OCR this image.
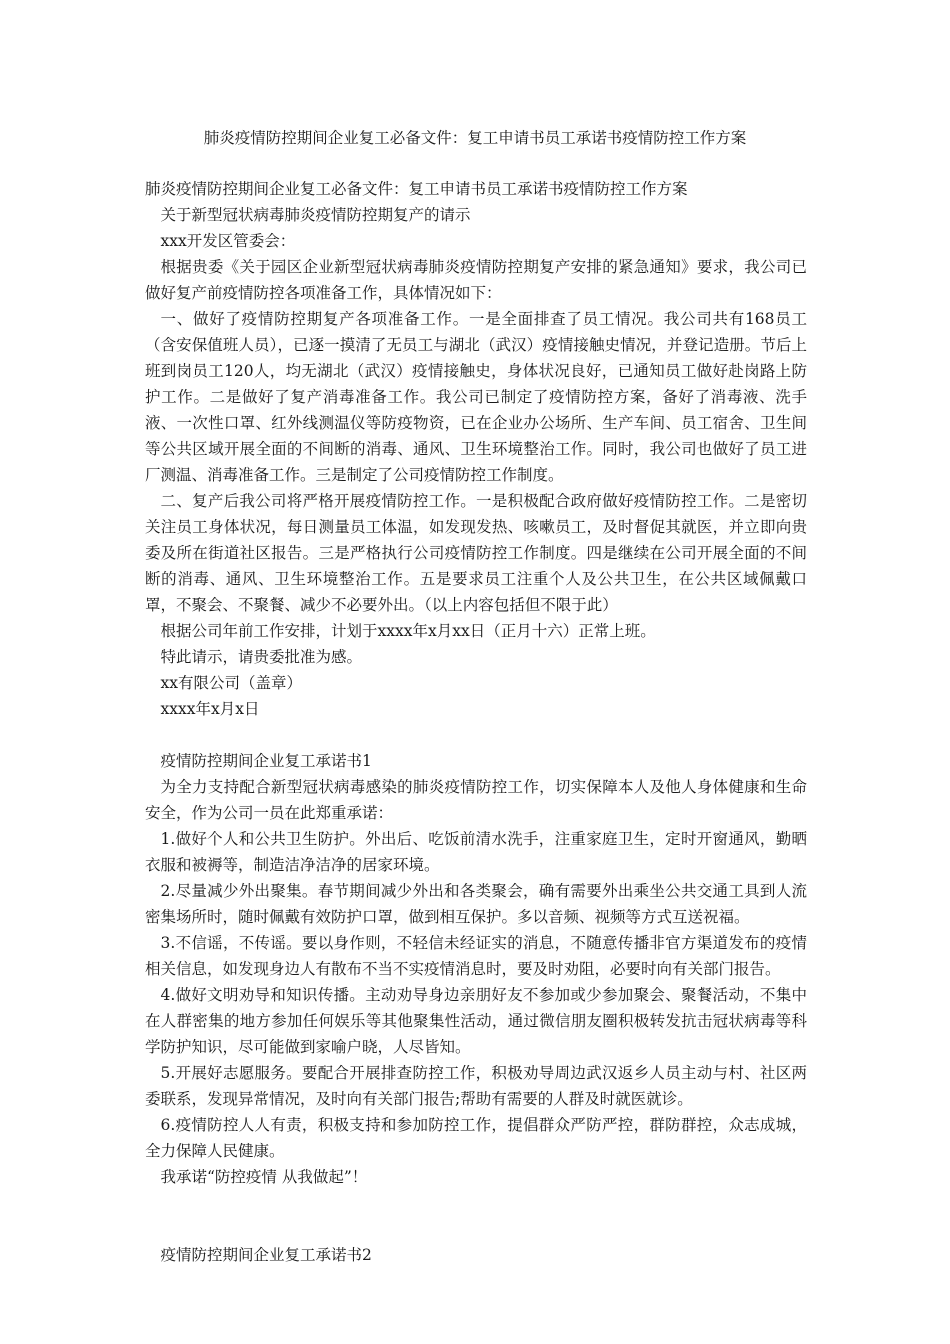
肺炎疫情防控期间企业复工必备文件：复工申请书员工承诺书疫情防控工作方案

肺炎疫情防控期间企业复工必备文件：复工申请书员工承诺书疫情防控工作方案

关于新型冠状病毒肺炎疫情防控期复产的请示

xxx开发区管委会：

根据贵委《关于园区企业新型冠状病毒肺炎疫情防控期复产安排的紧急通知》要求，我公司已做好复产前疫情防控各项准备工作，具体情况如下：

一、做好了疫情防控期复产各项准备工作。一是全面排查了员工情况。我公司共有168员工（含安保值班人员），已逐一摸清了无员工与湖北（武汉）疫情接触史情况，并登记造册。节后上班到岗员工120人，均无湖北（武汉）疫情接触史，身体状况良好，已通知员工做好赴岗路上防护工作。二是做好了复产消毒准备工作。我公司已制定了疫情防控方案，备好了消毒液、洗手液、一次性口罩、红外线测温仪等防疫物资，已在企业办公场所、生产车间、员工宿舍、卫生间等公共区域开展全面的不间断的消毒、通风、卫生环境整治工作。同时，我公司也做好了员工进厂测温、消毒准备工作。三是制定了公司疫情防控工作制度。

二、复产后我公司将严格开展疫情防控工作。一是积极配合政府做好疫情防控工作。二是密切关注员工身体状况，每日测量员工体温，如发现发热、咳嗽员工，及时督促其就医，并立即向贵委及所在街道社区报告。三是严格执行公司疫情防控工作制度。四是继续在公司开展全面的不间断的消毒、通风、卫生环境整治工作。五是要求员工注重个人及公共卫生，在公共区域佩戴口罩，不聚会、不聚餐、减少不必要外出。（以上内容包括但不限于此）

根据公司年前工作安排，计划于xxxx年x月xx日（正月十六）正常上班。

特此请示，请贵委批准为感。

xx有限公司（盖章）

xxxx年x月x日

疫情防控期间企业复工承诺书1

为全力支持配合新型冠状病毒感染的肺炎疫情防控工作，切实保障本人及他人身体健康和生命安全，作为公司一员在此郑重承诺：

1.做好个人和公共卫生防护。外出后、吃饭前清水洗手，注重家庭卫生，定时开窗通风，勤晒衣服和被褥等，制造洁净洁净的居家环境。

2.尽量减少外出聚集。春节期间减少外出和各类聚会，确有需要外出乘坐公共交通工具到人流密集场所时，随时佩戴有效防护口罩，做到相互保护。多以音频、视频等方式互送祝福。

3.不信谣，不传谣。要以身作则，不轻信未经证实的消息，不随意传播非官方渠道发布的疫情相关信息，如发现身边人有散布不当不实疫情消息时，要及时劝阻，必要时向有关部门报告。

4.做好文明劝导和知识传播。主动劝导身边亲朋好友不参加或少参加聚会、聚餐活动，不集中在人群密集的地方参加任何娱乐等其他聚集性活动，通过微信朋友圈积极转发抗击冠状病毒等科学防护知识，尽可能做到家喻户晓，人尽皆知。

5.开展好志愿服务。要配合开展排查防控工作，积极劝导周边武汉返乡人员主动与村、社区两委联系，发现异常情况，及时向有关部门报告;帮助有需要的人群及时就医就诊。

6.疫情防控人人有责，积极支持和参加防控工作，提倡群众严防严控，群防群控，众志成城，全力保障人民健康。

我承诺“防控疫情 从我做起”！

疫情防控期间企业复工承诺书2
